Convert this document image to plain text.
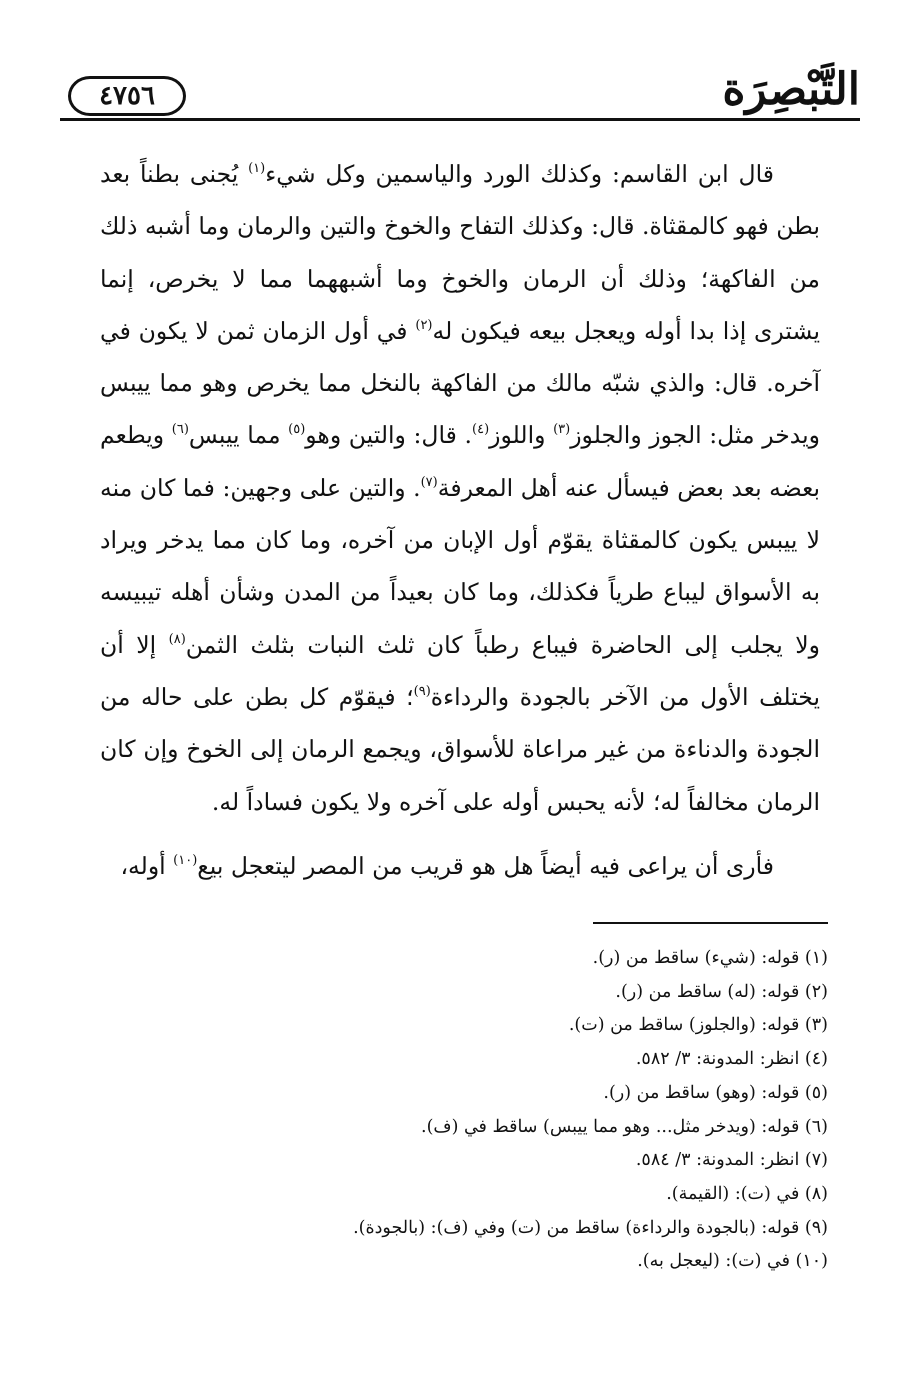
التَّبْصِرَة
٤٧٥٦

قال ابن القاسم: وكذلك الورد والياسمين وكل شيء$^{(١)}$ يُجنى بطناً بعد بطن فهو كالمقثاة. قال: وكذلك التفاح والخوخ والتين والرمان وما أشبه ذلك من الفاكهة؛ وذلك أن الرمان والخوخ وما أشبههما مما لا يخرص، إنما يشترى إذا بدا أوله ويعجل بيعه فيكون له$^{(٢)}$ في أول الزمان ثمن لا يكون في آخره. قال: والذي شبّه مالك من الفاكهة بالنخل مما يخرص وهو مما ييبس ويدخر مثل: الجوز والجلوز$^{(٣)}$ واللوز$^{(٤)}$. قال: والتين وهو$^{(٥)}$ مما ييبس$^{(٦)}$ ويطعم بعضه بعد بعض فيسأل عنه أهل المعرفة$^{(٧)}$. والتين على وجهين: فما كان منه لا ييبس يكون كالمقثاة يقوّم أول الإبان من آخره، وما كان مما يدخر ويراد به الأسواق ليباع طرياً فكذلك، وما كان بعيداً من المدن وشأن أهله تيبيسه ولا يجلب إلى الحاضرة فيباع رطباً كان ثلث النبات بثلث الثمن$^{(٨)}$ إلا أن يختلف الأول من الآخر بالجودة والرداءة$^{(٩)}$؛ فيقوّم كل بطن على حاله من الجودة والدناءة من غير مراعاة للأسواق، ويجمع الرمان إلى الخوخ وإن كان الرمان مخالفاً له؛ لأنه يحبس أوله على آخره ولا يكون فساداً له.

فأرى أن يراعى فيه أيضاً هل هو قريب من المصر ليتعجل بيع$^{(١٠)}$ أوله،

(١) قوله: (شيء) ساقط من (ر).
(٢) قوله: (له) ساقط من (ر).
(٣) قوله: (والجلوز) ساقط من (ت).
(٤) انظر: المدونة: ٣/ ٥٨٢.
(٥) قوله: (وهو) ساقط من (ر).
(٦) قوله: (ويدخر مثل... وهو مما ييبس) ساقط في (ف).
(٧) انظر: المدونة: ٣/ ٥٨٤.
(٨) في (ت): (القيمة).
(٩) قوله: (بالجودة والرداءة) ساقط من (ت) وفي (ف): (بالجودة).
(١٠) في (ت): (ليعجل به).
